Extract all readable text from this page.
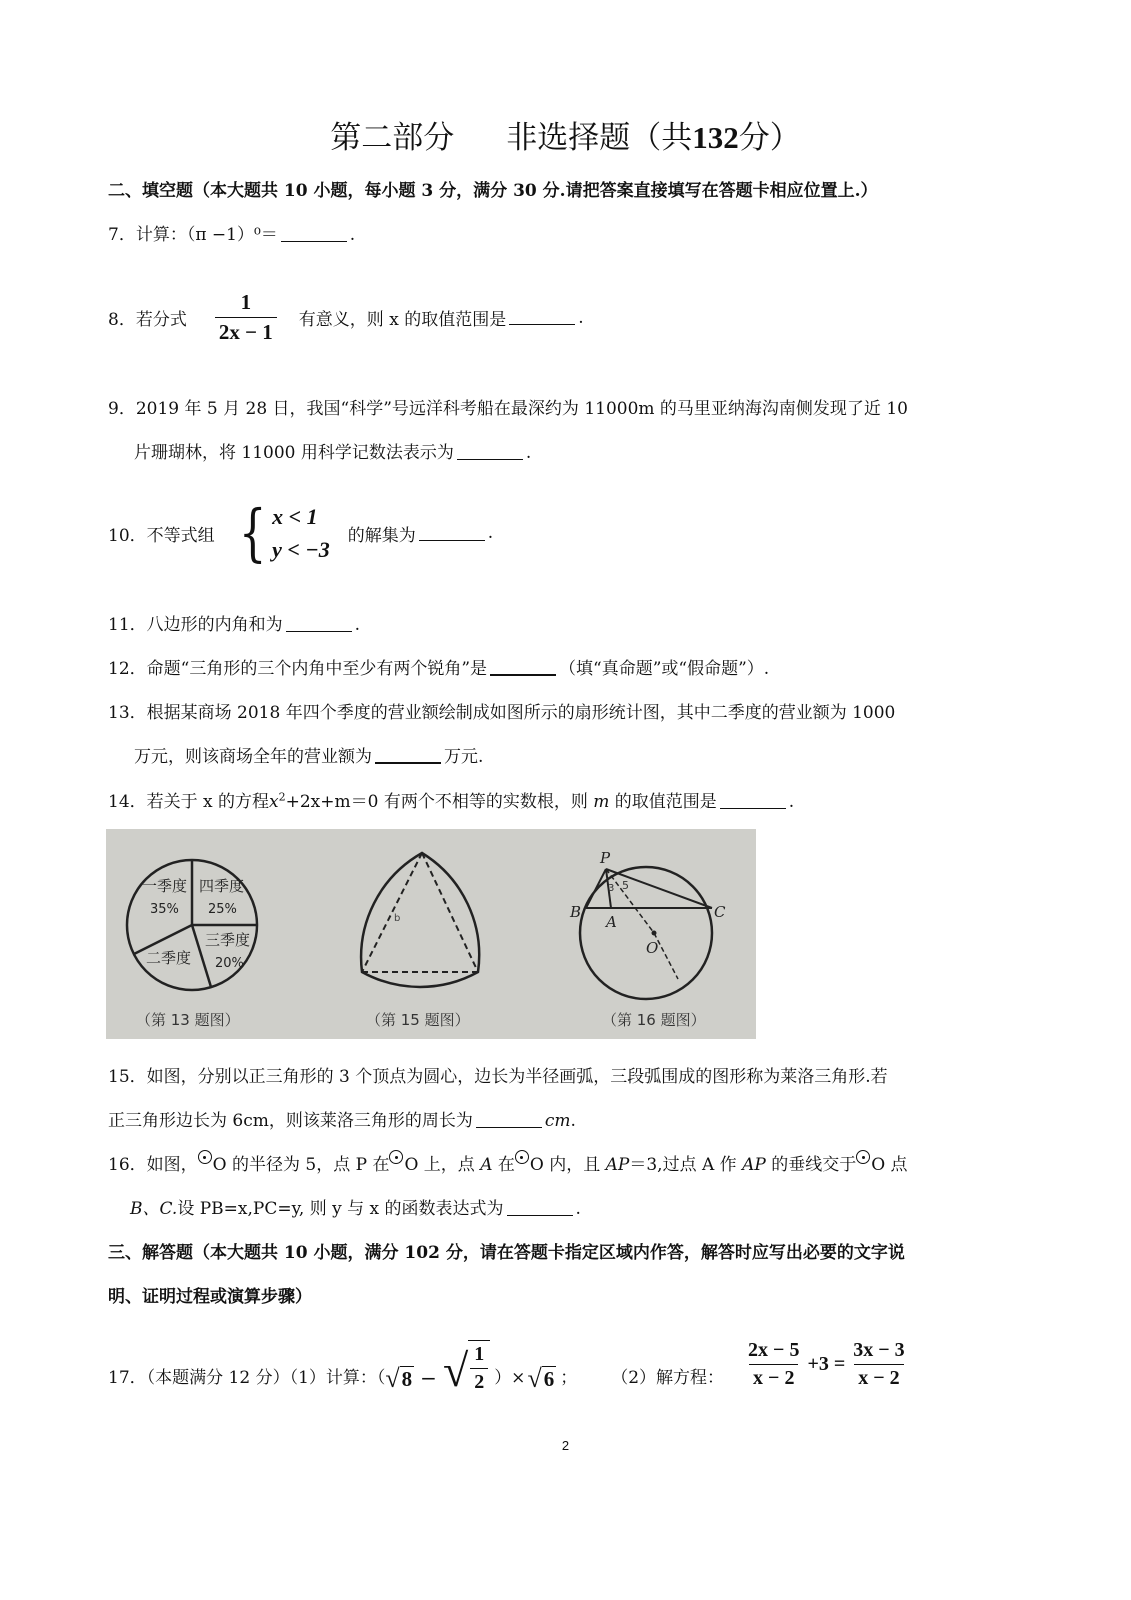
第二部分 非选择题（共132分）
二、填空题（本大题共 10 小题，每小题 3 分，满分 30 分.请把答案直接填写在答题卡相应位置上.）
7．计算：（π −1）⁰＝	.
8．若分式 $\frac{1}{2x - 1}$ 有意义，则 x 的取值范围是	.
9．2019 年 5 月 28 日，我国“科学”号远洋科考船在最深约为 11000m 的马里亚纳海沟南侧发现了近 10
片珊瑚林，将 11000 用科学记数法表示为	.
10．不等式组 { x < 1
y < −3
的解集为	.
11．八边形的内角和为	.
12．命题“三角形的三个内角中至少有两个锐角”是	（填“真命题”或“假命题”）.
13．根据某商场 2018 年四个季度的营业额绘制成如图所示的扇形统计图，其中二季度的营业额为 1000
万元，则该商场全年的营业额为	万元.
14．若关于 x 的方程$x^2+2x+m=0$ 有两个不相等的实数根，则 m 的取值范围是	.
一季度
35%
四季度
25%
三季度
20%
二季度
（第 13 题图）
b
（第 15 题图）
P
B
A
C
O
5
3
（第 16 题图）
15．如图，分别以正三角形的 3 个顶点为圆心，边长为半径画弧，三段弧围成的图形称为莱洛三角形.若
正三角形边长为 6cm，则该莱洛三角形的周长为	cm.
16．如图， O 的半径为 5，点 P 在 O 上，点 A 在 O 内，且 AP＝3,过点 A 作 AP 的垂线交于 O 点
B、C.设 PB=x,PC=y, 则 y 与 x 的函数表达式为	.
三、解答题（本大题共 10 小题，满分 102 分，请在答题卡指定区域内作答，解答时应写出必要的文字说
明、证明过程或演算步骤）
17．（本题满分 12 分）（1）计算：（ √ 8 − √ $\frac{1}{2}$ ）× √ 6 ； （2）解方程： $\frac{2x - 5}{x - 2} +3 = \frac{3x - 3}{x - 2}$
2
